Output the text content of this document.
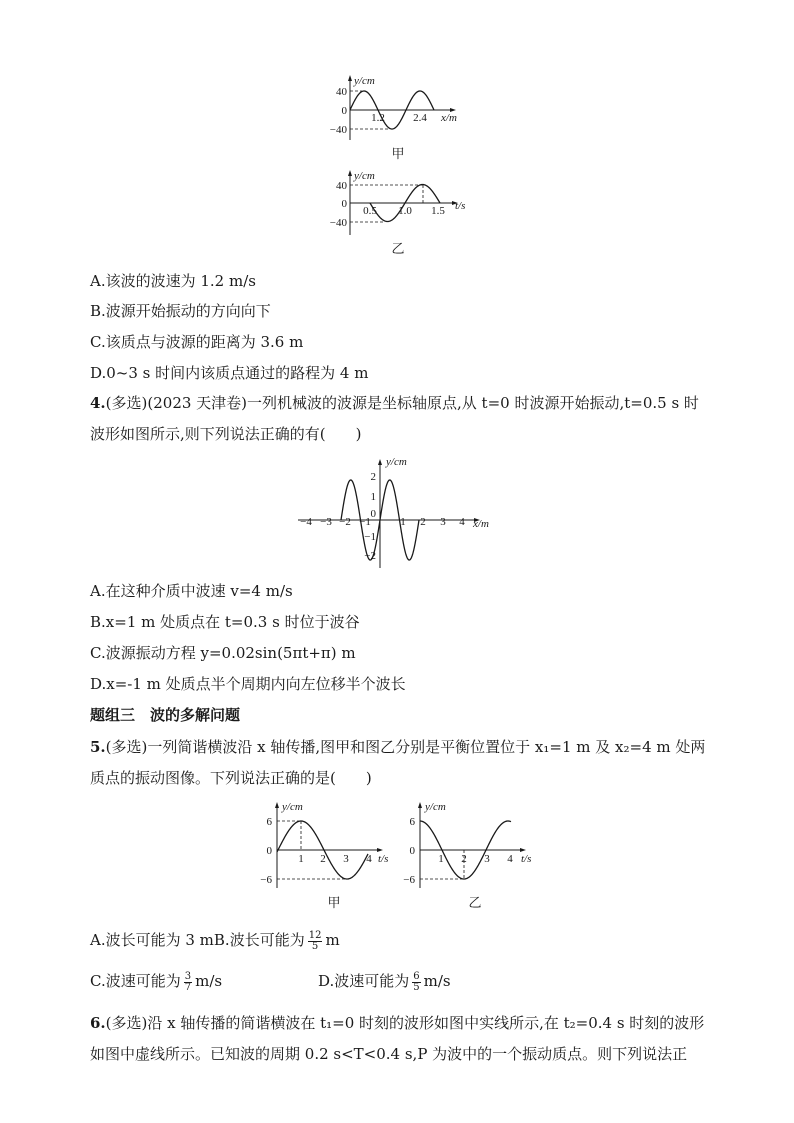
y/cm
40
0
−40
1.2	2.4 x/m
甲
y/cm
40
0
−40
0.5 1.0 1.5 t/s
乙
A.该波的波速为 1.2 m/s
B.波源开始振动的方向向下
C.该质点与波源的距离为 3.6 m
D.0~3 s 时间内该质点通过的路程为 4 m
4.(多选)(2023 天津卷)一列机械波的波源是坐标轴原点,从 t=0 时波源开始振动,t=0.5 s 时
波形如图所示,则下列说法正确的有(　　)
y/cm
−4 −3 −2 −1	1 2 3 4 x/m
2
1
0
−1
−2
A.在这种介质中波速 v=4 m/s
B.x=1 m 处质点在 t=0.3 s 时位于波谷
C.波源振动方程 y=0.02sin(5πt+π) m
D.x=-1 m 处质点半个周期内向左位移半个波长
题组三　波的多解问题
5.(多选)一列简谐横波沿 x 轴传播,图甲和图乙分别是平衡位置位于 x₁=1 m 及 x₂=4 m 处两
质点的振动图像。下列说法正确的是(　　)
y/cm
6
0
−6
1 2 3 4 t/s
甲
y/cm
6
0
−6
1 2 3 4 t/s
乙
A.波长可能为 3 mB.波长可能为 $\frac{12}{5}$ m
C.波速可能为 $\frac{3}{7} m/s$	D.波速可能为 $\frac{6}{5} m/s$
6.(多选)沿 x 轴传播的简谐横波在 t₁=0 时刻的波形如图中实线所示,在 t₂=0.4 s 时刻的波形
如图中虚线所示。已知波的周期 0.2 s<T<0.4 s,P 为波中的一个振动质点。则下列说法正
